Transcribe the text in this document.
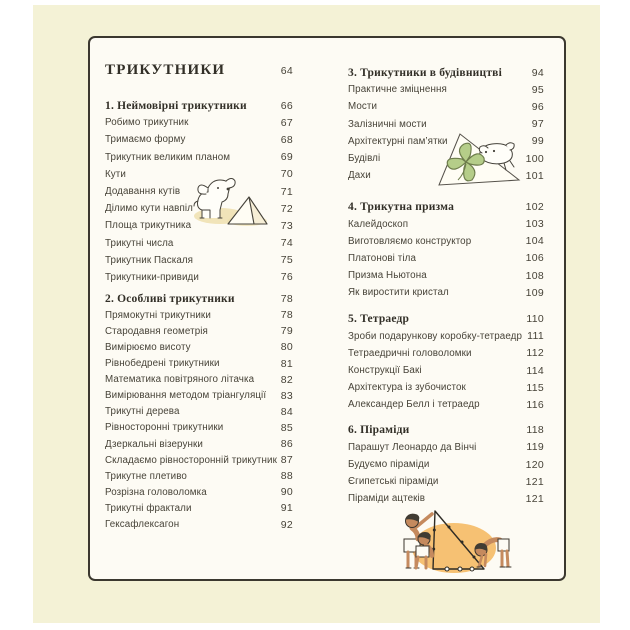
ТРИКУТНИКИ	64
1. Неймовірні трикутники	66
Робимо трикутник	67
Тримаємо форму	68
Трикутник великим планом	69
Кути	70
Додавання кутів	71
Ділимо кути навпіл	72
Площа трикутника	73
Трикутні числа	74
Трикутник Паскаля	75
Трикутники-привиди	76
2. Особливі трикутники	78
Прямокутні трикутники	78
Стародавня геометрія	79
Вимірюємо висоту	80
Рівнобедрені трикутники	81
Математика повітряного літачка	82
Вимірювання методом тріангуляції 83
Трикутні дерева	84
Рівносторонні трикутники	85
Дзеркальні візерунки	86
Складаємо рівносторонній трикутник 87
Трикутне плетиво	88
Розрізна головоломка	90
Трикутні фрактали	91
Гексафлексагон	92
3. Трикутники в будівництві	94
Практичне зміцнення	95
Мости	96
Залізничні мости	97
Архітектурні пам’ятки	99
Будівлі	100
Дахи	101
4. Трикутна призма	102
Калейдоскоп	103
Виготовляємо конструктор	104
Платонові тіла	106
Призма Ньютона	108
Як виростити кристал	109
5. Тетраедр	110
Зроби подарункову коробку-тетраедр 111
Тетраедричні головоломки	112
Конструкції Бакі	114
Архітектура із зубочисток	115
Александер Белл і тетраедр	116
6. Піраміди	118
Парашут Леонардо да Вінчі	119
Будуємо піраміди	120
Єгипетські піраміди	121
Піраміди ацтеків	121
